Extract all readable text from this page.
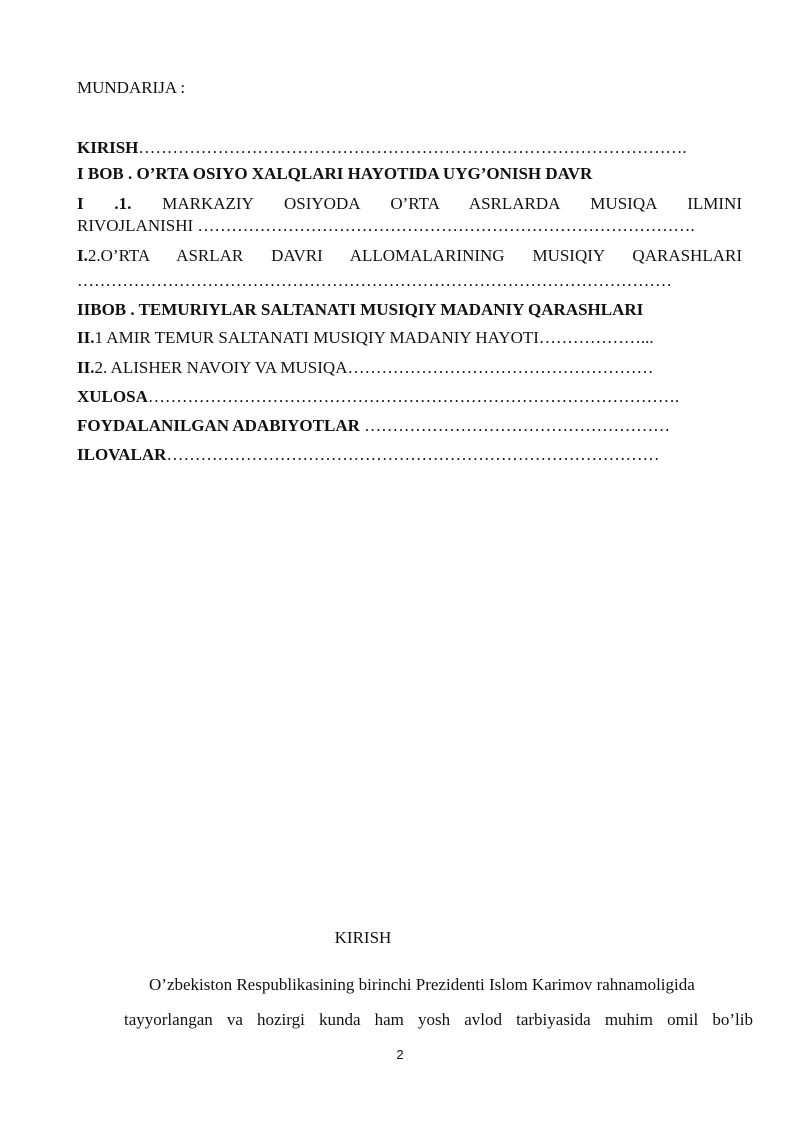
MUNDARIJA :
KIRISH…………………………………………………………………………………….
I BOB . O’RTA OSIYO XALQLARI HAYOTIDA UYG’ONISH DAVR
I .1. MARKAZIY OSIYODA O’RTA ASRLARDA MUSIQA ILMINI
RIVOJLANISHI …………………………………………………………………………….
I.2.O’RTA ASRLAR DAVRI ALLOMALARINING MUSIQIY QARASHLARI
……………………………………………………………………………………………
IIBOB . TEMURIYLAR SALTANATI MUSIQIY MADANIY QARASHLARI
II.1 AMIR TEMUR SALTANATI MUSIQIY MADANIY HAYOTI………………...
II.2. ALISHER NAVOIY VA MUSIQA………………………………………………
XULOSA………………………………………………………………………………….
FOYDALANILGAN ADABIYOTLAR ………………………………………………
ILOVALAR……………………………………………………………………………
KIRISH
O’zbekiston Respublikasining birinchi Prezidenti Islom Karimov rahnamoligida
tayyorlangan va hozirgi kunda ham yosh avlod tarbiyasida muhim omil bo’lib
2
